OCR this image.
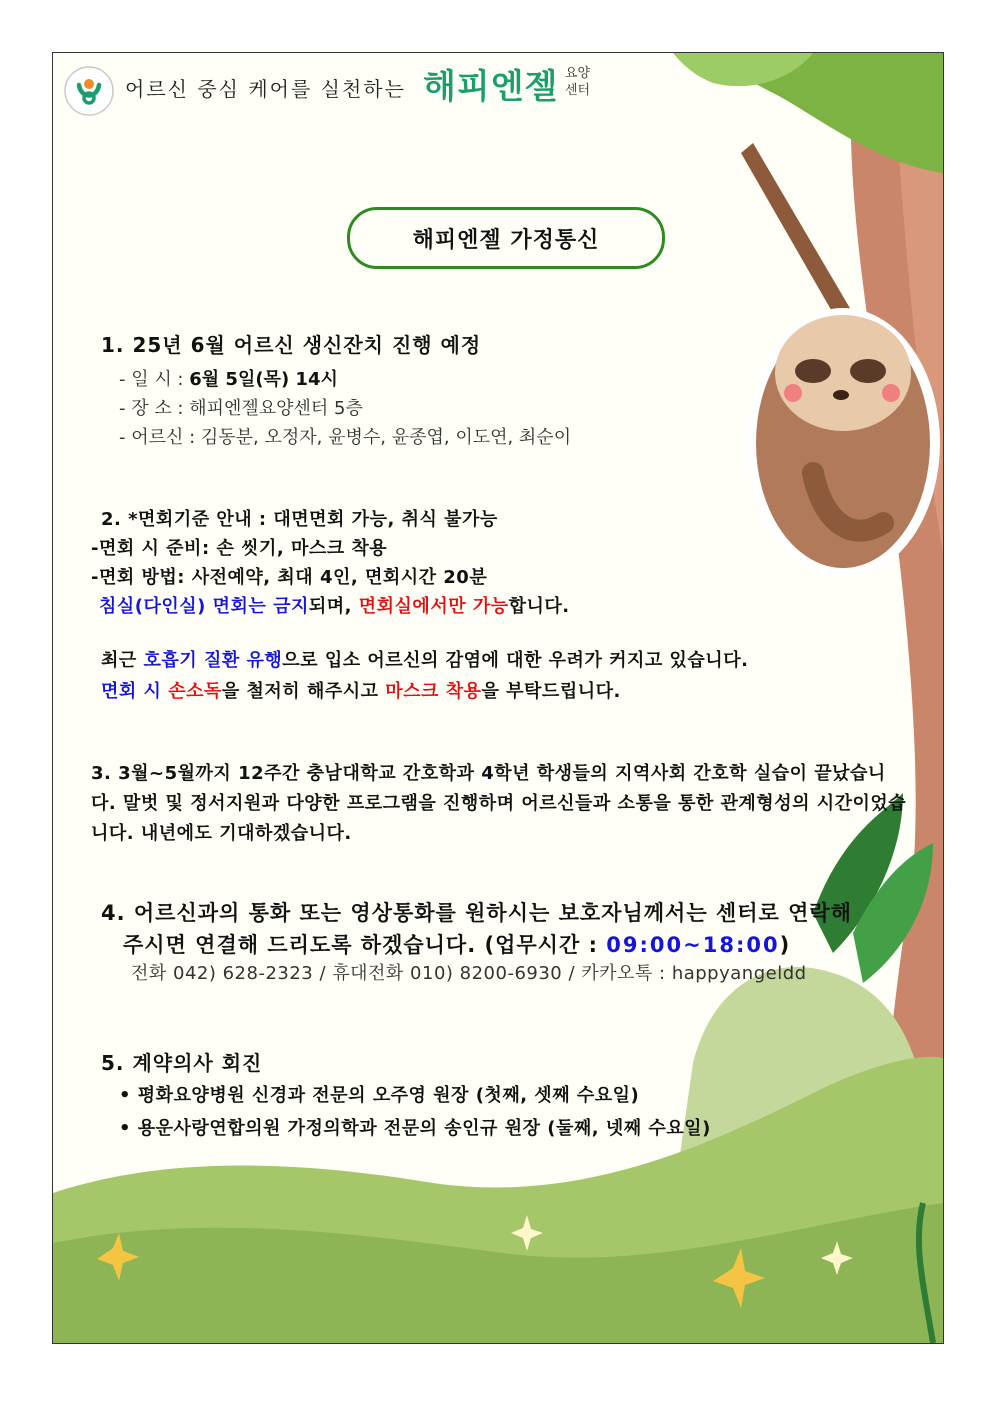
어르신 중심 케어를 실천하는 해피엔젤 요양
센터
해피엔젤 가정통신
1. 25년 6월 어르신 생신잔치 진행 예정
- 일 시 : 6월 5일(목) 14시
- 장 소 : 해피엔젤요양센터 5층
- 어르신 : 김동분, 오정자, 윤병수, 윤종엽, 이도연, 최순이
2. *면회기준 안내 : 대면면회 가능, 취식 불가능
-면회 시 준비: 손 씻기, 마스크 착용
-면회 방법: 사전예약, 최대 4인, 면회시간 20분
침실(다인실) 면회는 금지되며, 면회실에서만 가능합니다.
최근 호흡기 질환 유행으로 입소 어르신의 감염에 대한 우려가 커지고 있습니다.
면회 시 손소독을 철저히 해주시고 마스크 착용을 부탁드립니다.
3. 3월~5월까지 12주간 충남대학교 간호학과 4학년 학생들의 지역사회 간호학 실습이 끝났습니다. 말벗 및 정서지원과 다양한 프로그램을 진행하며 어르신들과 소통을 통한 관계형성의 시간이었습니다. 내년에도 기대하겠습니다.
4. 어르신과의 통화 또는 영상통화를 원하시는 보호자님께서는 센터로 연락해
주시면 연결해 드리도록 하겠습니다. (업무시간 : 09:00~18:00)
전화 042) 628-2323 / 휴대전화 010) 8200-6930 / 카카오톡 : happyangeldd
5. 계약의사 회진
• 평화요양병원 신경과 전문의 오주영 원장 (첫째, 셋째 수요일)
• 용운사랑연합의원 가정의학과 전문의 송인규 원장 (둘째, 넷째 수요일)
